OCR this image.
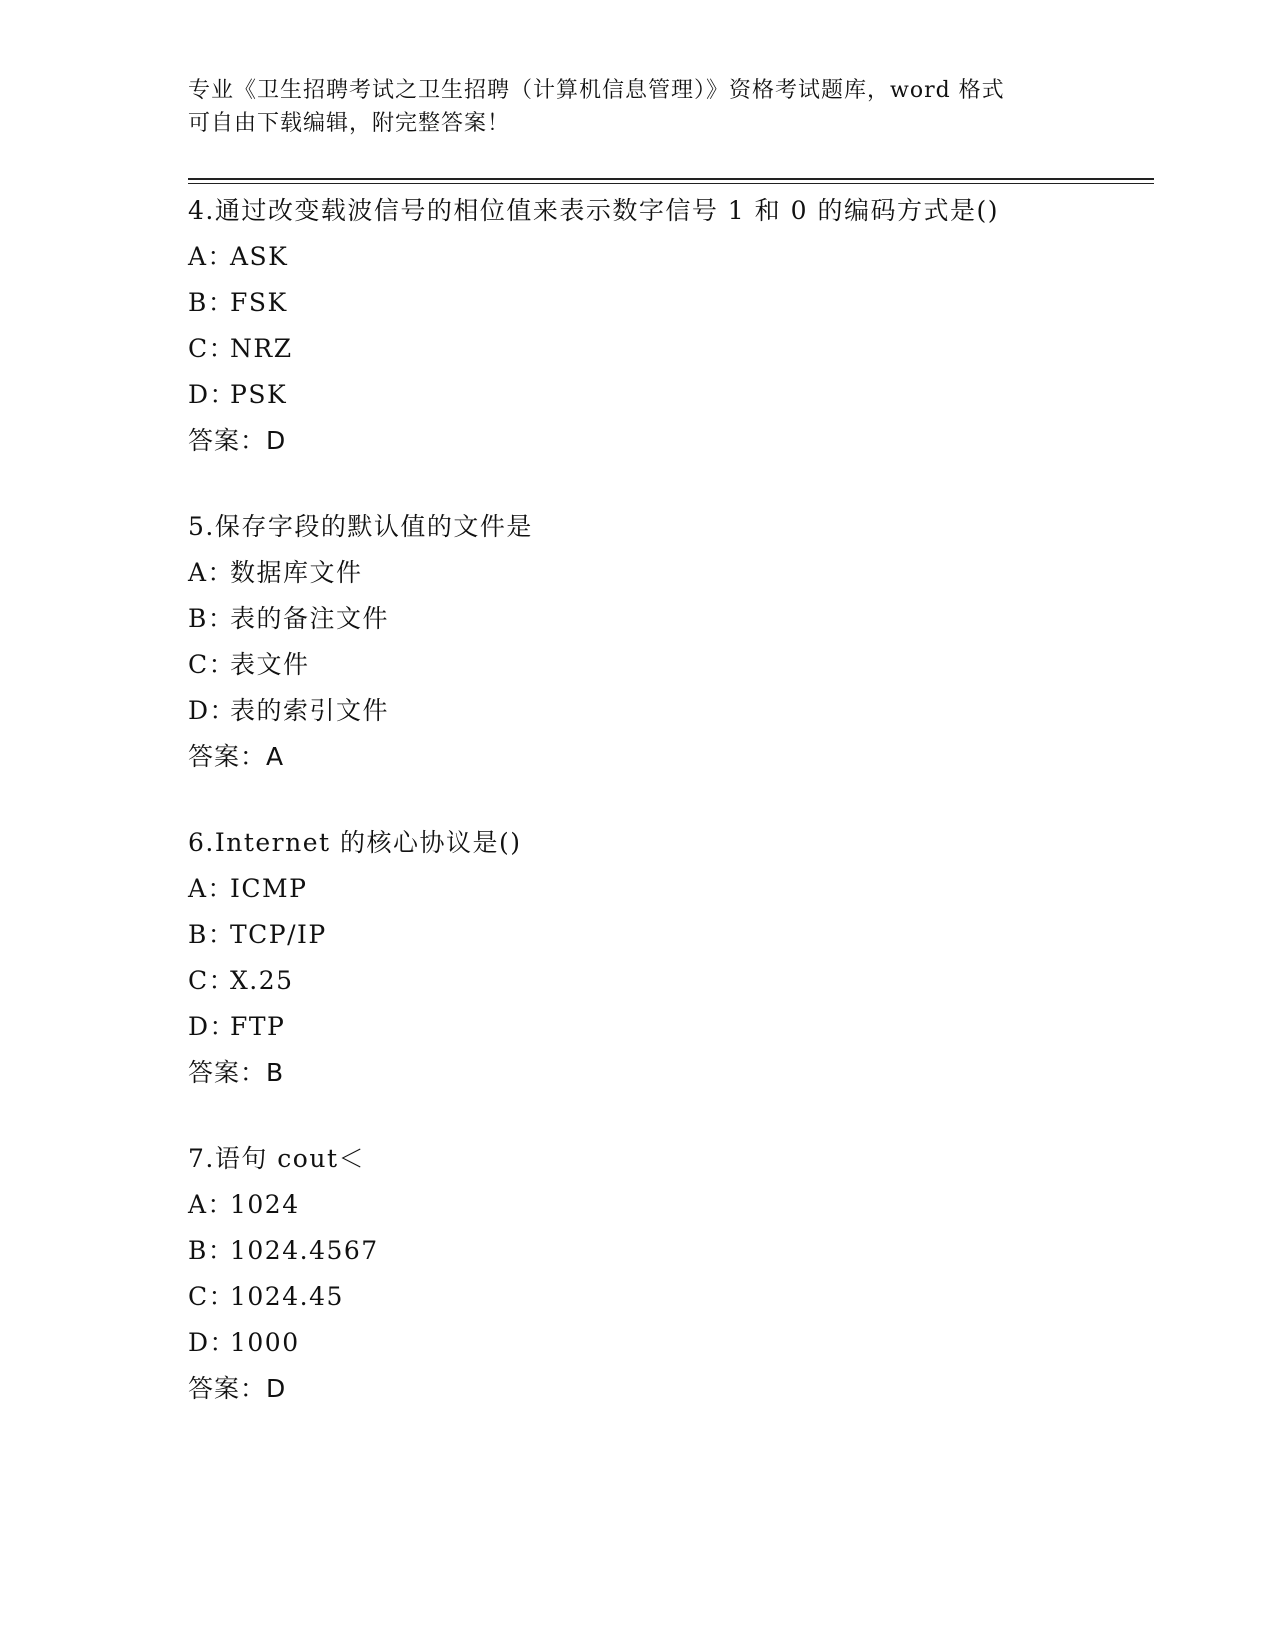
专业《卫生招聘考试之卫生招聘（计算机信息管理）》资格考试题库，word 格式
可自由下载编辑，附完整答案！
4.通过改变载波信号的相位值来表示数字信号 1 和 0 的编码方式是()
A：ASK
B：FSK
C：NRZ
D：PSK
答案：D
5.保存字段的默认值的文件是
A：数据库文件
B：表的备注文件
C：表文件
D：表的索引文件
答案：A
6.Internet 的核心协议是()
A：ICMP
B：TCP/IP
C：X.25
D：FTP
答案：B
7.语句 cout＜
A：1024
B：1024.4567
C：1024.45
D：1000
答案：D
